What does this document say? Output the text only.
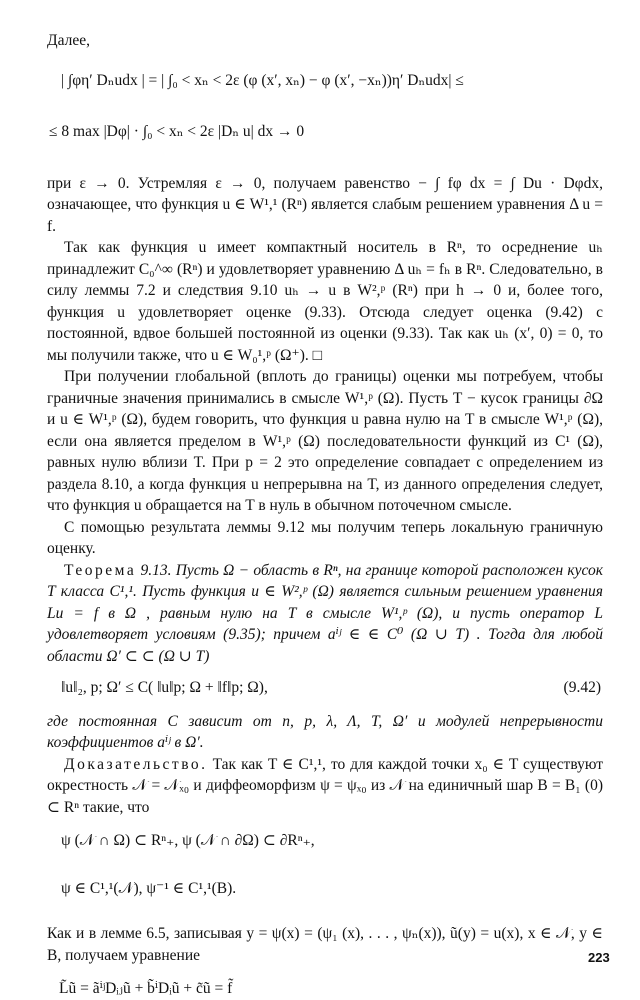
Далее,

| ∫φη′ Dₙudx | = | ∫₀ < xₙ < 2ε (φ (x′, xₙ) − φ (x′, −xₙ))η′ Dₙudx| ≤

≤ 8 max |Dφ| · ∫₀ < xₙ < 2ε |Dₙ u| dx → 0

при ε → 0. Устремляя ε → 0, получаем равенство − ∫ fφ dx = ∫ Du · Dφdx, означающее, что функция u ∈ W¹,¹ (Rⁿ) является слабым решением уравнения Δ u = f.

Так как функция u имеет компактный носитель в Rⁿ, то осреднение uₕ принадлежит C₀^∞ (Rⁿ) и удовлетворяет уравнению Δ uₕ = fₕ в Rⁿ. Следовательно, в силу леммы 7.2 и следствия 9.10 uₕ → u в W²,ᵖ (Rⁿ) при h → 0 и, более того, функция u удовлетворяет оценке (9.33). Отсюда следует оценка (9.42) с постоянной, вдвое большей постоянной из оценки (9.33). Так как uₕ (x′, 0) = 0, то мы получили также, что u ∈ W₀¹,ᵖ (Ω⁺). □

При получении глобальной (вплоть до границы) оценки мы потребуем, чтобы граничные значения принимались в смысле W¹,ᵖ (Ω). Пусть T − кусок границы ∂Ω и u ∈ W¹,ᵖ (Ω), будем говорить, что функция u равна нулю на T в смысле W¹,ᵖ (Ω), если она является пределом в W¹,ᵖ (Ω) последовательности функций из C¹ (Ω), равных нулю вблизи T. При p = 2 это определение совпадает с определением из раздела 8.10, а когда функция u непрерывна на T, из данного определения следует, что функция u обращается на T в нуль в обычном поточечном смысле.

С помощью результата леммы 9.12 мы получим теперь локальную граничную оценку.

Теорема 9.13. Пусть Ω − область в Rⁿ, на границе которой расположен кусок T класса C¹,¹. Пусть функция u ∈ W²,ᵖ (Ω) является сильным решением уравнения Lu = f в Ω , равным нулю на T в смысле W¹,ᵖ (Ω), и пусть оператор L удовлетворяет условиям (9.35); причем aⁱʲ ∈ ∈ C⁰ (Ω ∪ T) . Тогда для любой области Ω′ ⊂ ⊂ (Ω ∪ T)

‖u‖₂, p; Ω′ ≤ C( ‖u‖p; Ω + ‖f‖p; Ω),	(9.42)

где постоянная C зависит от n, p, λ, Λ, T, Ω′ и модулей непрерывности коэффициентов aⁱʲ в Ω′.

Доказательство. Так как T ∈ C¹,¹, то для каждой точки x₀ ∈ T существуют окрестность 𝒩 = 𝒩ₓ₀ и диффеоморфизм ψ = ψₓ₀ из 𝒩 на единичный шар B = B₁ (0) ⊂ Rⁿ такие, что

ψ (𝒩 ∩ Ω) ⊂ Rⁿ₊, ψ (𝒩 ∩ ∂Ω) ⊂ ∂Rⁿ₊,

ψ ∈ C¹,¹(𝒩), ψ⁻¹ ∈ C¹,¹(B).

Как и в лемме 6.5, записывая y = ψ(x) = (ψ₁ (x), . . . , ψₙ(x)), ũ(y) = u(x), x ∈ 𝒩, y ∈ B, получаем уравнение

L̃ũ = ãⁱʲDᵢⱼũ + b̃ⁱDᵢũ + c̃ũ = f̃

223
